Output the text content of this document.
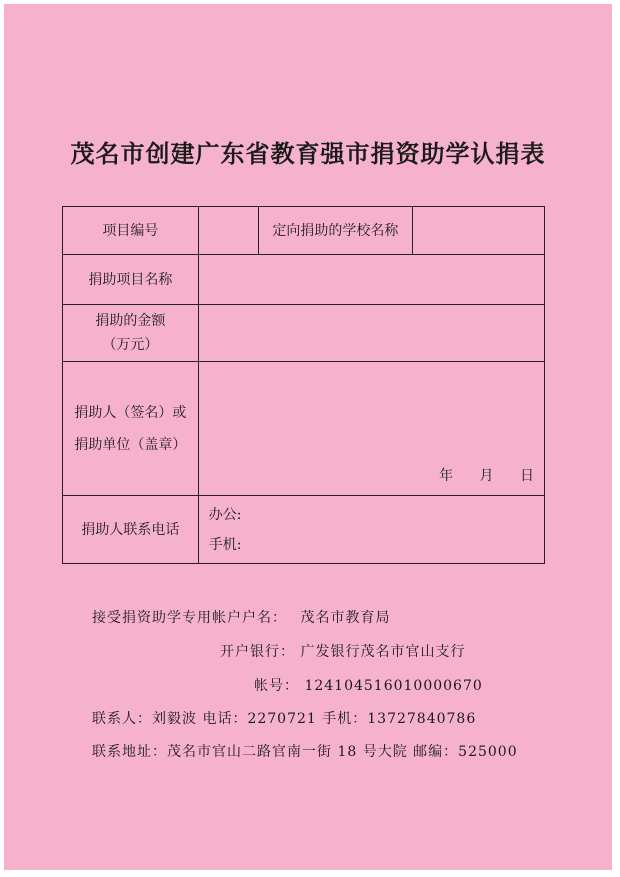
茂名市创建广东省教育强市捐资助学认捐表
项目编号		定向捐助的学校名称	
捐助项目名称			

捐助的金额
（万元）			

捐助人（签名）或
捐助单位（盖章）	年 月 日		

捐助人联系电话	办公:
手机:		
接受捐资助学专用帐户户名： 茂名市教育局
开户银行： 广发银行茂名市官山支行
帐号： 124104516010000670
联系人：刘毅波 电话：2270721 手机：13727840786
联系地址：茂名市官山二路官南一街 18 号大院 邮编：525000
